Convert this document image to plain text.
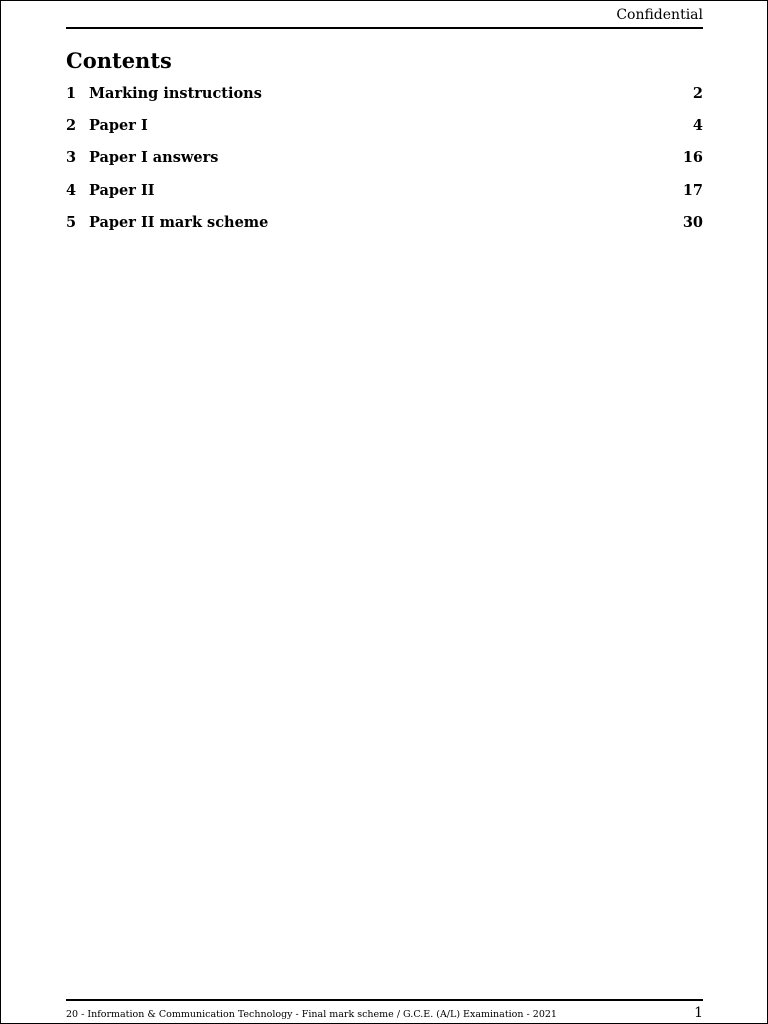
Confidential
Contents
1 Marking instructions	2
2 Paper I	4
3 Paper I answers	16
4 Paper II	17
5 Paper II mark scheme	30
20 - Information & Communication Technology - Final mark scheme / G.C.E. (A/L) Examination - 2021	1
